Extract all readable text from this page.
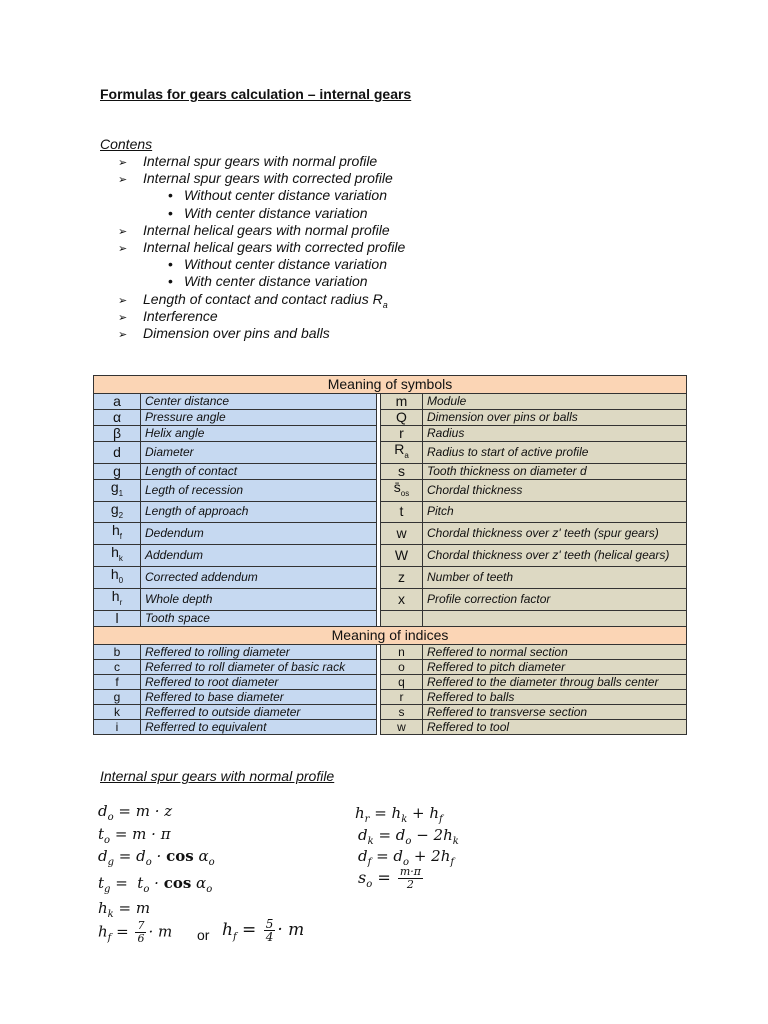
Formulas for gears calculation – internal gears
Contens
➢ Internal spur gears with normal profile
➢ Internal spur gears with corrected profile
• Without center distance variation
• With center distance variation
➢ Internal helical gears with normal profile
➢ Internal helical gears with corrected profile
• Without center distance variation
• With center distance variation
➢ Length of contact and contact radius $R_a$
➢ Interference
➢ Dimension over pins and balls
Meaning of symbols				
a	Center distance		m	Module
α	Pressure angle		Q	Dimension over pins or balls
β	Helix angle		r	Radius
d	Diameter		$R_a$	Radius to start of active profile
g	Length of contact		s	Tooth thickness on diameter d
$g_1$	Legth of recession		$s̄_{os}$	Chordal thickness
$g_2$	Length of approach		t	Pitch
$h_f$	Dedendum		w	Chordal thickness over z' teeth (spur gears)
$h_k$	Addendum		W	Chordal thickness over z' teeth (helical gears)
$h_0$	Corrected addendum		z	Number of teeth
$h_r$	Whole depth		x	Profile correction factor
l	Tooth space			
Meaning of indices				
b	Reffered to rolling diameter		n	Reffered to normal section
c	Referred to roll diameter of basic rack		o	Reffered to pitch diameter
f	Reffered to root diameter		q	Reffered to the diameter throug balls center
g	Reffered to base diameter		r	Reffered to balls
k	Refferred to outside diameter		s	Reffered to transverse section
i	Refferred to equivalent		w	Reffered to tool
Internal spur gears with normal profile
$d_o = m \cdot z$
$t_o = m \cdot \pi$
$d_g = d_o \cdot \cos \alpha_o$
$t_g = t_o \cdot \cos \alpha_o$
$h_k = m$
$h_f = \frac{7}{6} \cdot m$ or $h_f = \frac{5}{4} \cdot m$
$h_r = h_k + h_f$
$d_k = d_o - 2h_k$
$d_f = d_o + 2h_f$
$s_o = \frac{m\cdot\pi}{2}$
